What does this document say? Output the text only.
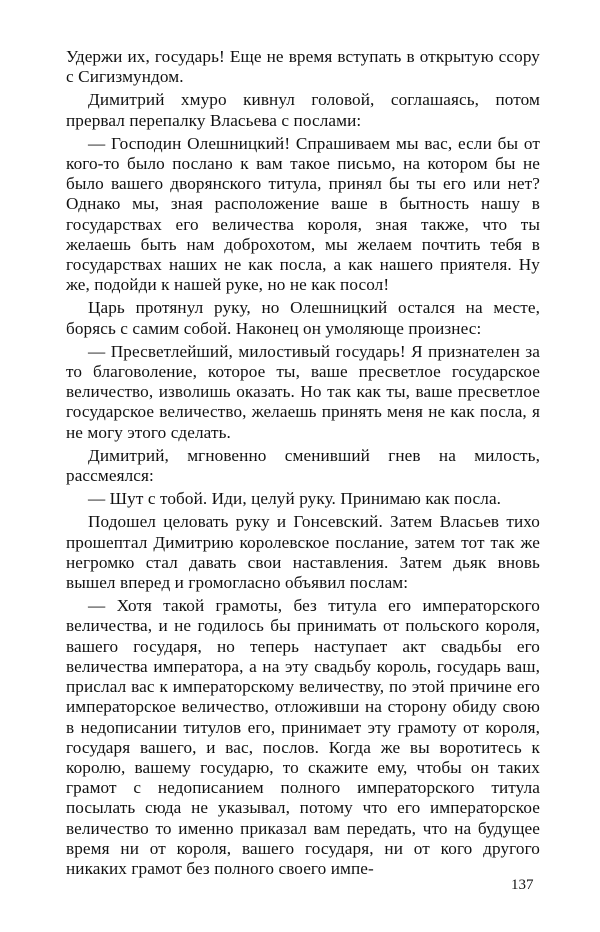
Удержи их, государь! Еще не время вступать в открытую ссору с Сигизмундом.

Димитрий хмуро кивнул головой, соглашаясь, потом прервал перепалку Власьева с послами:

— Господин Олешницкий! Спрашиваем мы вас, если бы от кого-то было послано к вам такое письмо, на котором бы не было вашего дворянского титула, принял бы ты его или нет? Однако мы, зная расположение ваше в бытность нашу в государствах его величества короля, зная также, что ты желаешь быть нам доброхотом, мы желаем почтить тебя в государствах наших не как посла, а как нашего приятеля. Ну же, подойди к нашей руке, но не как посол!

Царь протянул руку, но Олешницкий остался на месте, борясь с самим собой. Наконец он умоляюще произнес:

— Пресветлейший, милостивый государь! Я признателен за то благоволение, которое ты, ваше пресветлое государское величество, изволишь оказать. Но так как ты, ваше пресветлое государское величество, желаешь принять меня не как посла, я не могу этого сделать.

Димитрий, мгновенно сменивший гнев на милость, рассмеялся:

— Шут с тобой. Иди, целуй руку. Принимаю как посла.

Подошел целовать руку и Гонсевский. Затем Власьев тихо прошептал Димитрию королевское послание, затем тот так же негромко стал давать свои наставления. Затем дьяк вновь вышел вперед и громогласно объявил послам:

— Хотя такой грамоты, без титула его императорского величества, и не годилось бы принимать от польского короля, вашего государя, но теперь наступает акт свадьбы его величества императора, а на эту свадьбу король, государь ваш, прислал вас к императорскому величеству, по этой причине его императорское величество, отложивши на сторону обиду свою в недописании титулов его, принимает эту грамоту от короля, государя вашего, и вас, послов. Когда же вы воротитесь к королю, вашему государю, то скажите ему, чтобы он таких грамот с недописанием полного императорского титула посылать сюда не указывал, потому что его императорское величество то именно приказал вам передать, что на будущее время ни от короля, вашего государя, ни от кого другого никаких грамот без полного своего импе-

137
